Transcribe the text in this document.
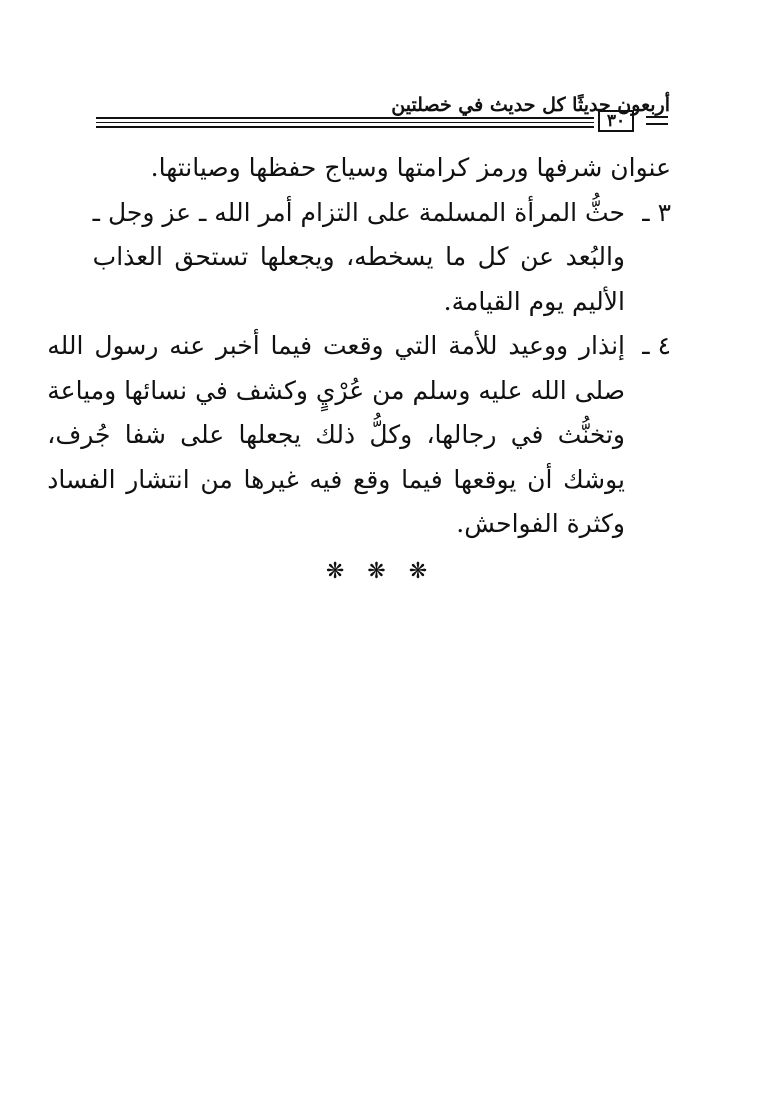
أربعون حديثًا كل حديث في خصلتين
٣٠
عنوان شرفها ورمز كرامتها وسياج حفظها وصيانتها.
٣ ـ
حثُّ المرأة المسلمة على التزام أمر الله ـ عز وجل ـ
والبُعد عن كل ما يسخطه، ويجعلها تستحق العذاب
الأليم يوم القيامة.
٤ ـ
إنذار ووعيد للأمة التي وقعت فيما أخبر عنه رسول الله
صلى الله عليه وسلم من عُرْيٍ وكشف في نسائها ومياعة
وتخنُّث في رجالها، وكلُّ ذلك يجعلها على شفا جُرف،
يوشك أن يوقعها فيما وقع فيه غيرها من انتشار الفساد
وكثرة الفواحش.
❋ ❋ ❋
